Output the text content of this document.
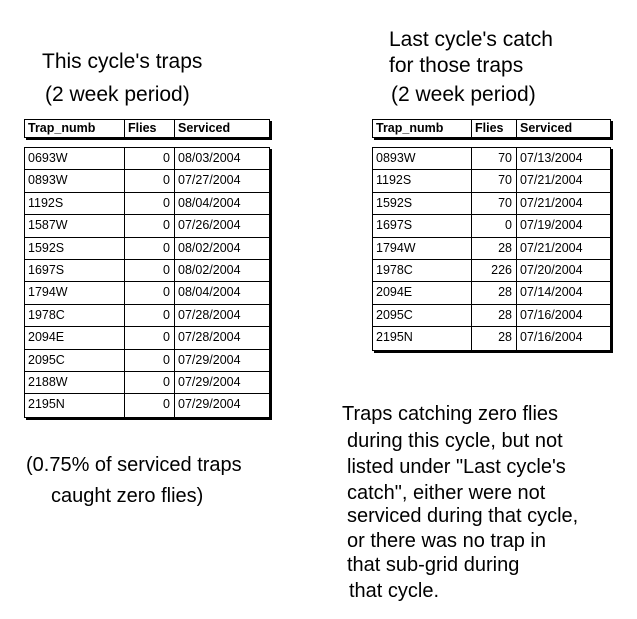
This cycle's traps
(2 week period)
Last cycle's catch
for those traps
(2 week period)
Trap_numb	Flies	Serviced
0693W	0 08/03/2004
0893W	0 07/27/2004
1192S	0 08/04/2004
1587W	0 07/26/2004
1592S	0 08/02/2004
1697S	0 08/02/2004
1794W	0 08/04/2004
1978C	0 07/28/2004
2094E	0 07/28/2004
2095C	0 07/29/2004
2188W	0 07/29/2004
2195N	0 07/29/2004
Trap_numb	Flies	Serviced
0893W	70 07/13/2004
1192S	70 07/21/2004
1592S	70 07/21/2004
1697S	0 07/19/2004
1794W	28 07/21/2004
1978C	226 07/20/2004
2094E	28 07/14/2004
2095C	28 07/16/2004
2195N	28 07/16/2004
(0.75% of serviced traps
caught zero flies)
Traps catching zero flies
during this cycle, but not
listed under "Last cycle's
catch", either were not
serviced during that cycle,
or there was no trap in
that sub-grid during
that cycle.
